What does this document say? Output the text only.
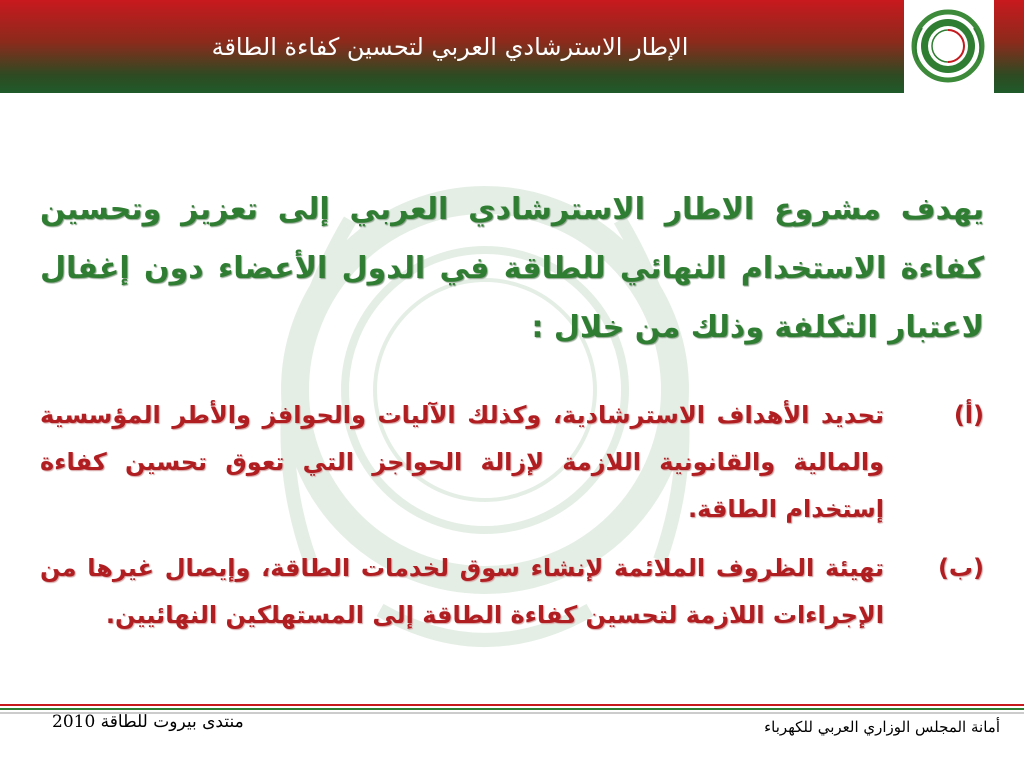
الإطار الاسترشادي العربي لتحسين كفاءة الطاقة
يهدف مشروع الاطار الاسترشادي العربي إلى تعزيز وتحسين كفاءة الاستخدام النهائي للطاقة في الدول الأعضاء دون إغفال لاعتبار التكلفة وذلك من خلال :
(أ)
تحديد الأهداف الاسترشادية، وكذلك الآليات والحوافز والأطر المؤسسية والمالية والقانونية اللازمة لإزالة الحواجز التي تعوق تحسين كفاءة إستخدام الطاقة.
(ب)
تهيئة الظروف الملائمة لإنشاء سوق لخدمات الطاقة، وإيصال غيرها من الإجراءات اللازمة لتحسين كفاءة الطاقة إلى المستهلكين النهائيين.
منتدى بيروت للطاقة 2010	أمانة المجلس الوزاري العربي للكهرباء
